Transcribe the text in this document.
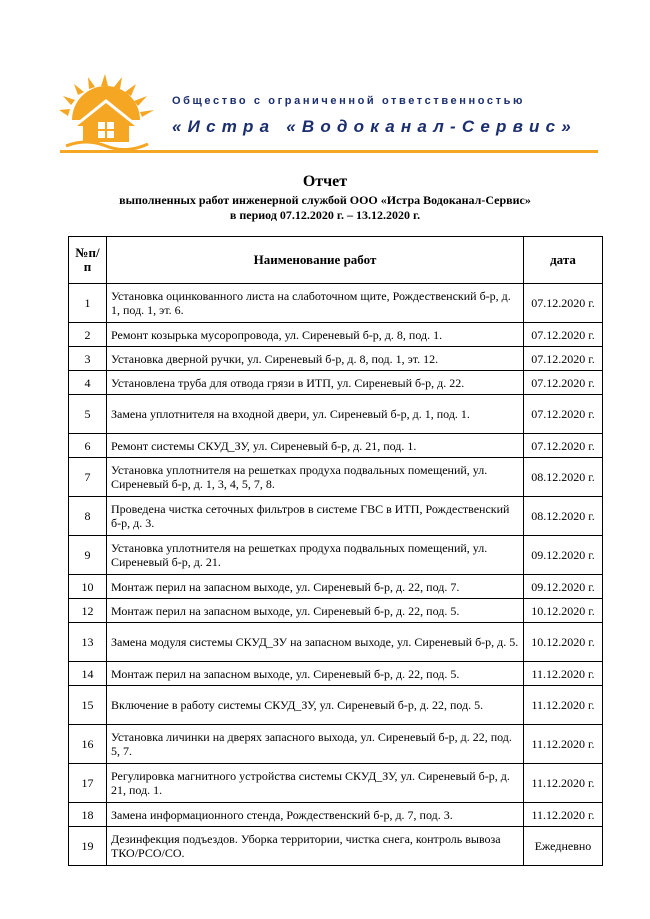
Общество с ограниченной ответственностью
«Истра «Водоканал-Сервис»
Отчет
выполненных работ инженерной службой ООО «Истра Водоканал-Сервис»
в период 07.12.2020 г. – 13.12.2020 г.
№п/п	Наименование работ	дата
1	Установка оцинкованного листа на слаботочном щите, Рождественский б-р, д. 1, под. 1, эт. 6.	07.12.2020 г.
2	Ремонт козырька мусоропровода, ул. Сиреневый б-р, д. 8, под. 1.	07.12.2020 г.
3	Установка дверной ручки, ул. Сиреневый б-р, д. 8, под. 1, эт. 12.	07.12.2020 г.
4	Установлена труба для отвода грязи в ИТП, ул. Сиреневый б-р, д. 22.	07.12.2020 г.
5	Замена уплотнителя на входной двери, ул. Сиреневый б-р, д. 1, под. 1.	07.12.2020 г.
6	Ремонт системы СКУД_ЗУ, ул. Сиреневый б-р, д. 21, под. 1.	07.12.2020 г.
7	Установка уплотнителя на решетках продуха подвальных помещений, ул. Сиреневый б-р, д. 1, 3, 4, 5, 7, 8.	08.12.2020 г.
8	Проведена чистка сеточных фильтров в системе ГВС в ИТП, Рождественский б-р, д. 3.	08.12.2020 г.
9	Установка уплотнителя на решетках продуха подвальных помещений, ул. Сиреневый б-р, д. 21.	09.12.2020 г.
10	Монтаж перил на запасном выходе, ул. Сиреневый б-р, д. 22, под. 7.	09.12.2020 г.
12	Монтаж перил на запасном выходе, ул. Сиреневый б-р, д. 22, под. 5.	10.12.2020 г.
13	Замена модуля системы СКУД_ЗУ на запасном выходе, ул. Сиреневый б-р, д. 5.	10.12.2020 г.
14	Монтаж перил на запасном выходе, ул. Сиреневый б-р, д. 22, под. 5.	11.12.2020 г.
15	Включение в работу системы СКУД_ЗУ, ул. Сиреневый б-р, д. 22, под. 5.	11.12.2020 г.
16	Установка личинки на дверях запасного выхода, ул. Сиреневый б-р, д. 22, под. 5, 7.	11.12.2020 г.
17	Регулировка магнитного устройства системы СКУД_ЗУ, ул. Сиреневый б-р, д. 21, под. 1.	11.12.2020 г.
18	Замена информационного стенда, Рождественский б-р, д. 7, под. 3.	11.12.2020 г.
19	Дезинфекция подъездов. Уборка территории, чистка снега, контроль вывоза ТКО/РСО/СО.	Ежедневно
